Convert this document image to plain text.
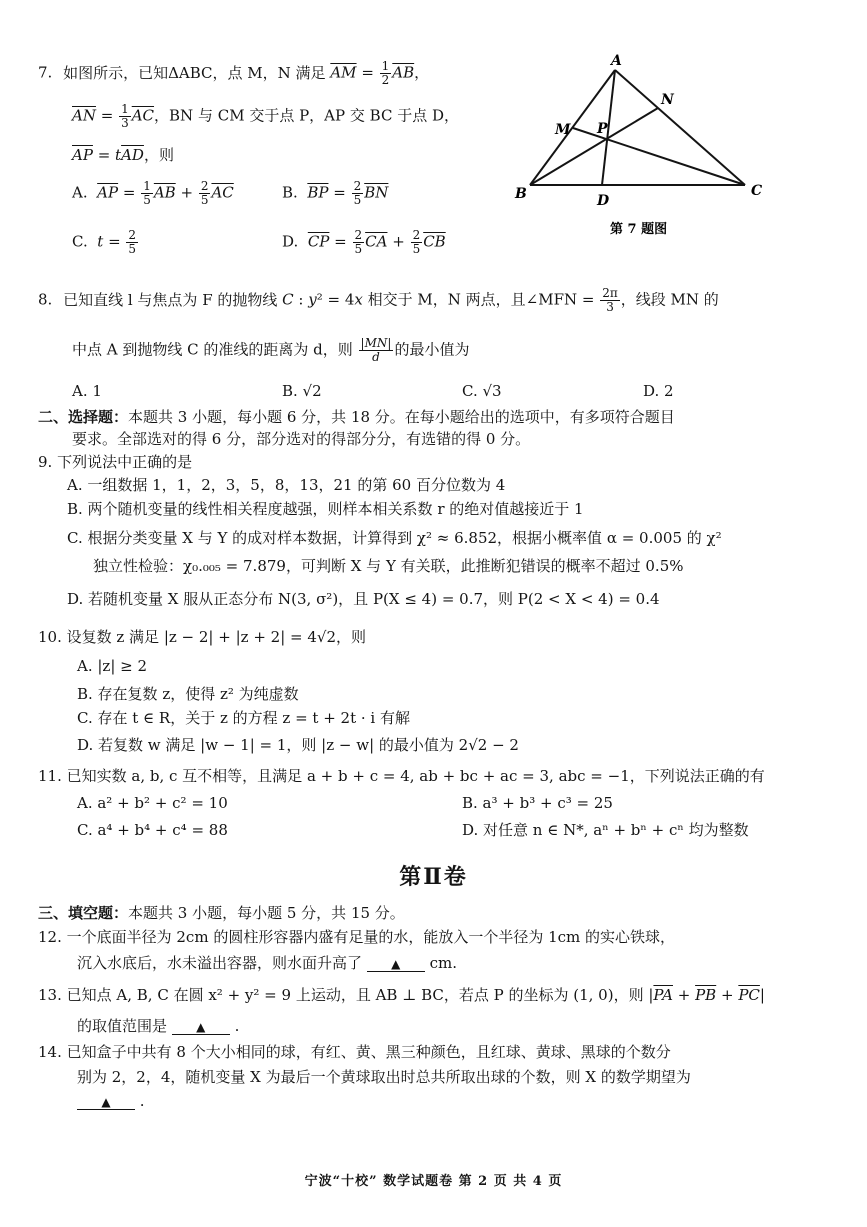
7. 如图所示，已知ΔABC，点 M，N 满足 $\overline{AM} = \frac{1}{2} \overline{AB}$，
$\overline{AN} = \frac{1}{3} \overline{AC}$，BN 与 CM 交于点 P，AP 交 BC 于点 D，
$\overline{AP} = t\overline{AD}$，则
A. $\overline{AP} = \frac{1}{5} \overline{AB} + \frac{2}{5} \overline{AC}$	B. $\overline{BP} = \frac{2}{5} \overline{BN}$
C. $t = \frac{2}{5}$	D. $\overline{CP} = \frac{2}{5} \overline{CA} + \frac{2}{5} \overline{CB}$
A
B	C
D
M
N
P
第 7 题图
8. 已知直线 l 与焦点为 F 的抛物线 C : y² = 4x 相交于 M，N 两点，且∠MFN = $\frac{2\pi}{3}$ ，线段 MN 的
中点 A 到抛物线 C 的准线的距离为 d，则 $\frac{|MN|}{d}$ 的最小值为
A. 1	B. √2	C. √3	D. 2
二、选择题：本题共 3 小题，每小题 6 分，共 18 分。在每小题给出的选项中，有多项符合题目
要求。全部选对的得 6 分，部分选对的得部分分，有选错的得 0 分。
9. 下列说法中正确的是
A. 一组数据 1，1，2，3，5，8，13，21 的第 60 百分位数为 4
B. 两个随机变量的线性相关程度越强，则样本相关系数 r 的绝对值越接近于 1
C. 根据分类变量 X 与 Y 的成对样本数据，计算得到 χ² ≈ 6.852，根据小概率值 α = 0.005 的 χ²
独立性检验：χ₀.₀₀₅ = 7.879，可判断 X 与 Y 有关联，此推断犯错误的概率不超过 0.5%
D. 若随机变量 X 服从正态分布 N(3, σ²)，且 P(X ≤ 4) = 0.7，则 P(2 < X < 4) = 0.4
10. 设复数 z 满足 |z − 2| + |z + 2| = 4√2，则
A. |z| ≥ 2
B. 存在复数 z，使得 z² 为纯虚数
C. 存在 t ∈ R，关于 z 的方程 z = t + 2t · i 有解
D. 若复数 w 满足 |w − 1| = 1，则 |z − w| 的最小值为 2√2 − 2
11. 已知实数 a, b, c 互不相等，且满足 a + b + c = 4, ab + bc + ac = 3, abc = −1，下列说法正确的有
A. a² + b² + c² = 10	B. a³ + b³ + c³ = 25
C. a⁴ + b⁴ + c⁴ = 88	D. 对任意 n ∈ N*, aⁿ + bⁿ + cⁿ 均为整数
第Ⅱ卷
三、填空题：本题共 3 小题，每小题 5 分，共 15 分。
12. 一个底面半径为 2cm 的圆柱形容器内盛有足量的水，能放入一个半径为 1cm 的实心铁球，
沉入水底后，水未溢出容器，则水面升高了 ▲ cm.
13. 已知点 A, B, C 在圆 x² + y² = 9 上运动，且 AB ⊥ BC，若点 P 的坐标为 (1, 0)，则 $|\overline{PA} + \overline{PB} + \overline{PC}|$
的取值范围是 ▲ .
14. 已知盒子中共有 8 个大小相同的球，有红、黄、黑三种颜色，且红球、黄球、黑球的个数分
别为 2，2，4，随机变量 X 为最后一个黄球取出时总共所取出球的个数，则 X 的数学期望为
▲ .
宁波“十校” 数学试题卷 第 2 页 共 4 页
